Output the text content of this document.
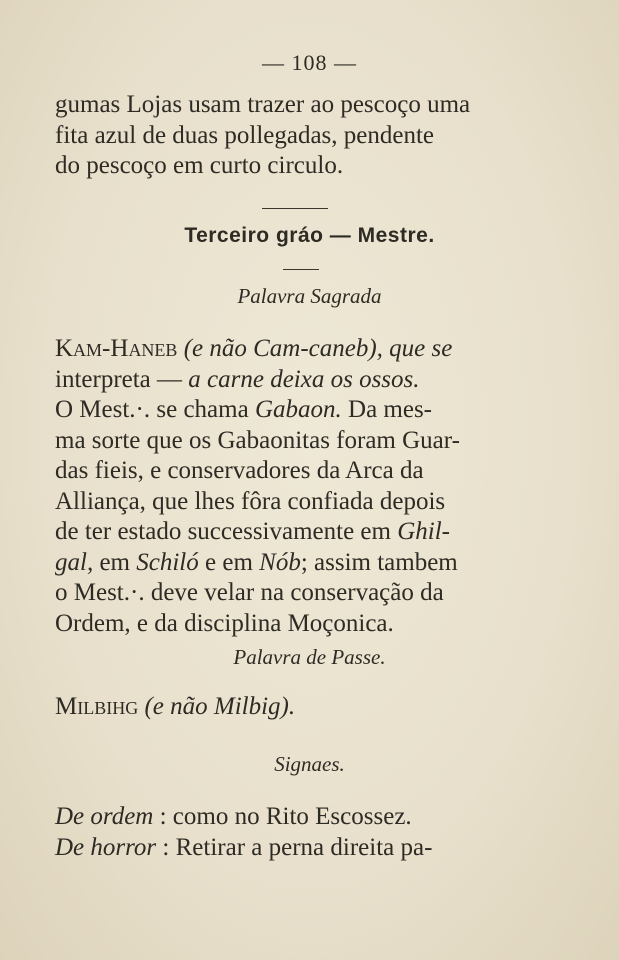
— 108 —
gumas Lojas usam trazer ao pescoço uma
fita azul de duas pollegadas, pendente
do pescoço em curto circulo.
Terceiro gráo — Mestre.
Palavra Sagrada
Kam-Haneb (e não Cam-caneb), que se
interpreta — a carne deixa os ossos.
O Mest.·. se chama Gabaon. Da mes-
ma sorte que os Gabaonitas foram Guar-
das fieis, e conservadores da Arca da
Alliança, que lhes fôra confiada depois
de ter estado successivamente em Ghil-
gal, em Schiló e em Nób; assim tambem
o Mest.·. deve velar na conservação da
Ordem, e da disciplina Moçonica.
Palavra de Passe.
Milbihg (e não Milbig).
Signaes.
De ordem : como no Rito Escossez.
De horror : Retirar a perna direita pa-
